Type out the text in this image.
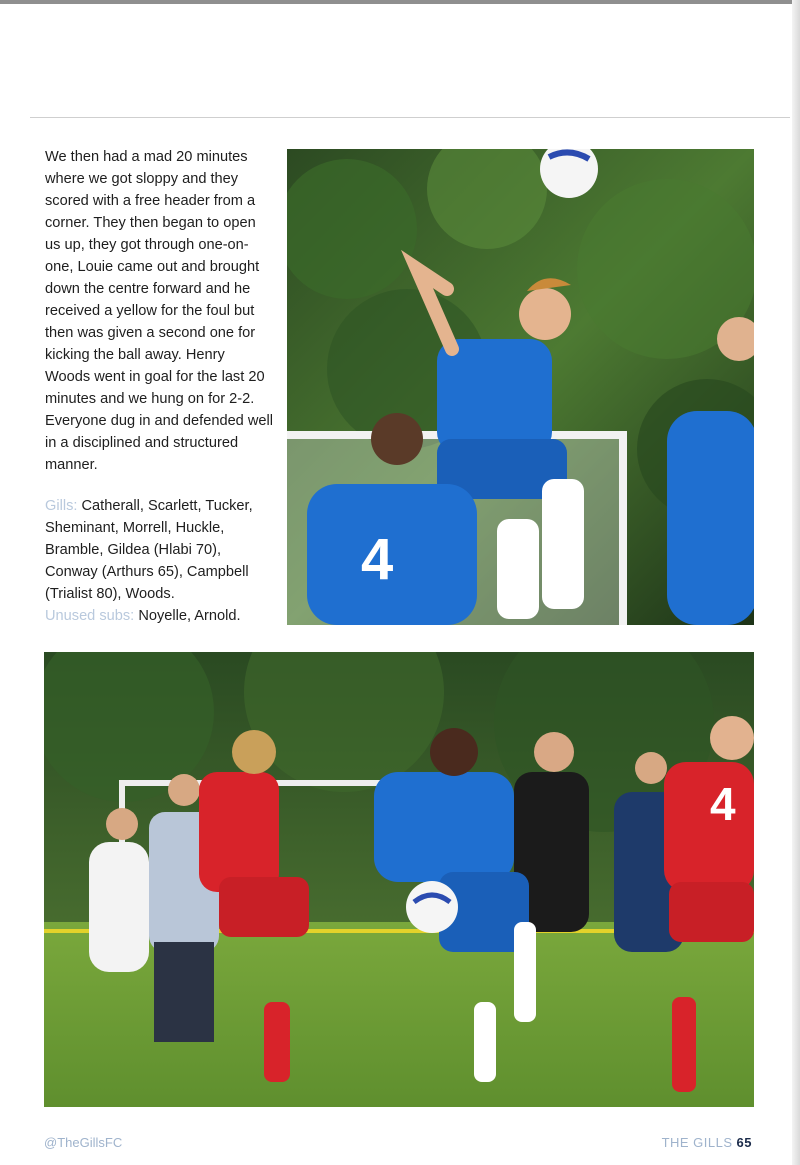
We then had a mad 20 minutes where we got sloppy and they scored with a free header from a corner. They then began to open us up, they got through one-on-one, Louie came out and brought down the centre forward and he received a yellow for the foul but then was given a second one for kicking the ball away. Henry Woods went in goal for the last 20 minutes and we hung on for 2-2. Everyone dug in and defended well in a disciplined and structured manner.

Gills: Catherall, Scarlett, Tucker, Sheminant, Morrell, Huckle, Bramble, Gildea (Hlabi 70), Conway (Arthurs 65), Campbell (Trialist 80), Woods.
Unused subs: Noyelle, Arnold.

4
4
@TheGillsFC	THE GILLS 65
